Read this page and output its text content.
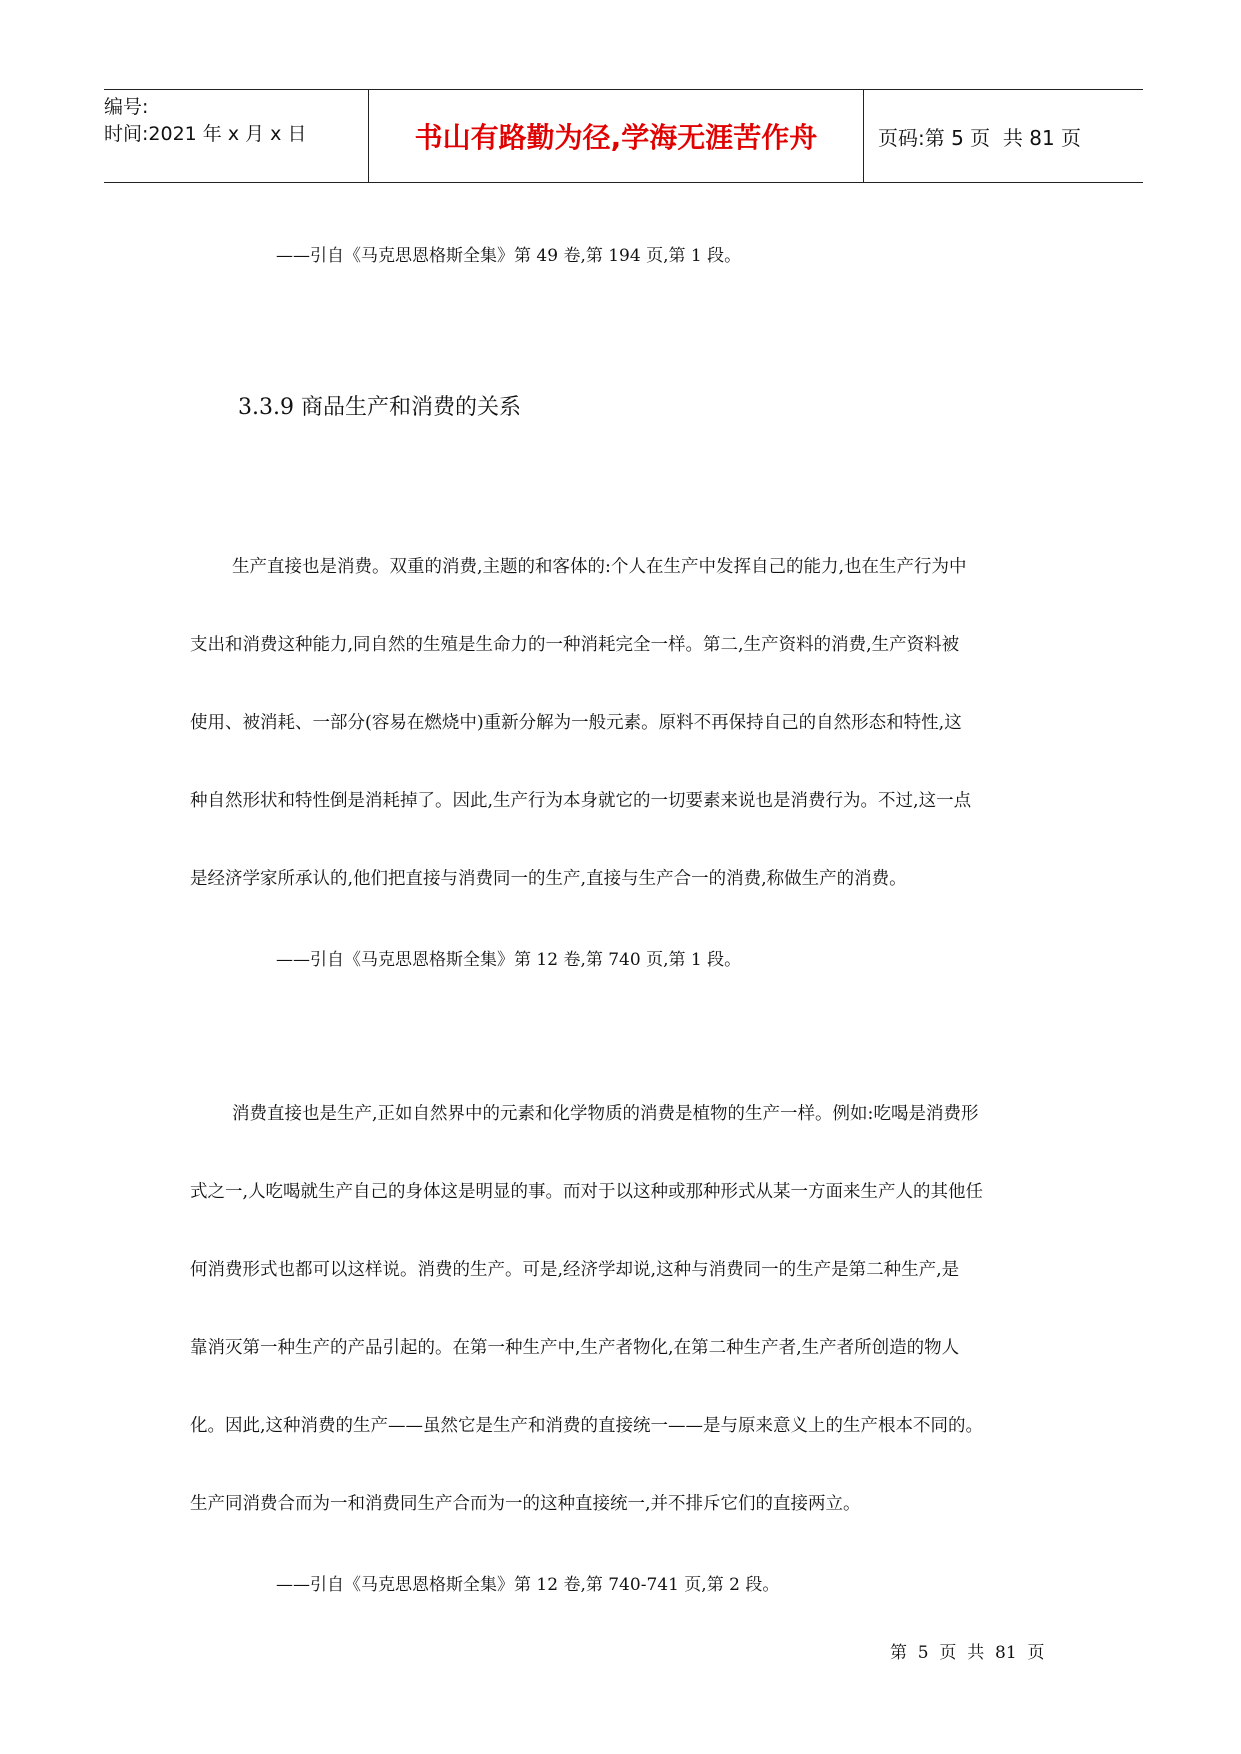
编号:
时间:2021 年 x 月 x 日	书山有路勤为径,学海无涯苦作舟	页码:第 5 页  共 81 页
——引自《马克思恩格斯全集》第 49 卷,第 194 页,第 1 段。
3.3.9 商品生产和消费的关系
生产直接也是消费。双重的消费,主题的和客体的:个人在生产中发挥自己的能力,也在生产行为中
支出和消费这种能力,同自然的生殖是生命力的一种消耗完全一样。第二,生产资料的消费,生产资料被
使用、被消耗、一部分(容易在燃烧中)重新分解为一般元素。原料不再保持自己的自然形态和特性,这
种自然形状和特性倒是消耗掉了。因此,生产行为本身就它的一切要素来说也是消费行为。不过,这一点
是经济学家所承认的,他们把直接与消费同一的生产,直接与生产合一的消费,称做生产的消费。
——引自《马克思恩格斯全集》第 12 卷,第 740 页,第 1 段。
消费直接也是生产,正如自然界中的元素和化学物质的消费是植物的生产一样。例如:吃喝是消费形
式之一,人吃喝就生产自己的身体这是明显的事。而对于以这种或那种形式从某一方面来生产人的其他任
何消费形式也都可以这样说。消费的生产。可是,经济学却说,这种与消费同一的生产是第二种生产,是
靠消灭第一种生产的产品引起的。在第一种生产中,生产者物化,在第二种生产者,生产者所创造的物人
化。因此,这种消费的生产——虽然它是生产和消费的直接统一——是与原来意义上的生产根本不同的。
生产同消费合而为一和消费同生产合而为一的这种直接统一,并不排斥它们的直接两立。
——引自《马克思恩格斯全集》第 12 卷,第 740-741 页,第 2 段。
第  5  页  共  81  页
